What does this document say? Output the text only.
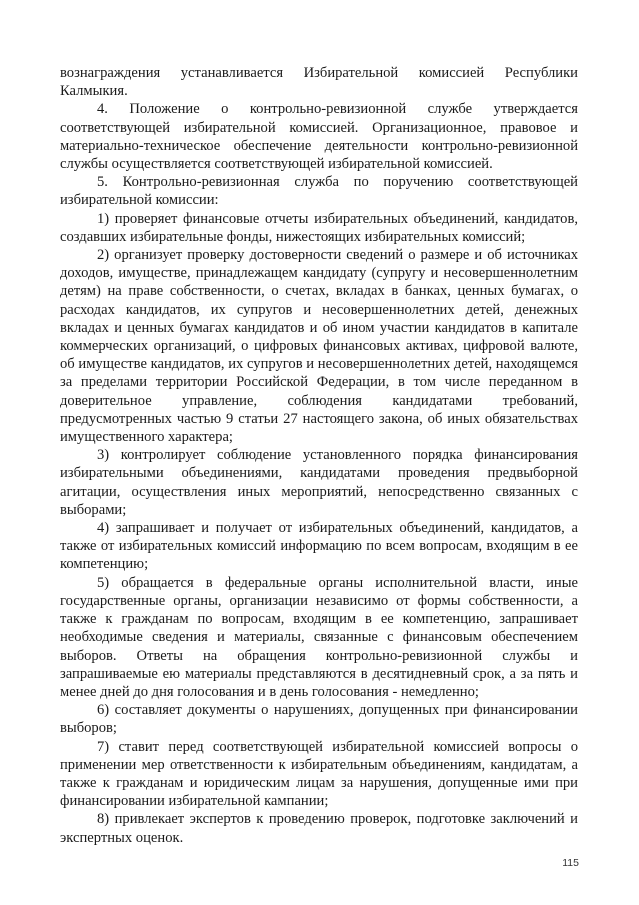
вознаграждения устанавливается Избирательной комиссией Республики Калмыкия.

4. Положение о контрольно-ревизионной службе утверждается соответствующей избирательной комиссией. Организационное, правовое и материально-техническое обеспечение деятельности контрольно-ревизионной службы осуществляется соответствующей избирательной комиссией.

5. Контрольно-ревизионная служба по поручению соответствующей избирательной комиссии:

1) проверяет финансовые отчеты избирательных объединений, кандидатов, создавших избирательные фонды, нижестоящих избирательных комиссий;

2) организует проверку достоверности сведений о размере и об источниках доходов, имуществе, принадлежащем кандидату (супругу и несовершеннолетним детям) на праве собственности, о счетах, вкладах в банках, ценных бумагах, о расходах кандидатов, их супругов и несовершеннолетних детей, денежных вкладах и ценных бумагах кандидатов и об ином участии кандидатов в капитале коммерческих организаций, о цифровых финансовых активах, цифровой валюте, об имуществе кандидатов, их супругов и несовершеннолетних детей, находящемся за пределами территории Российской Федерации, в том числе переданном в доверительное управление, соблюдения кандидатами требований, предусмотренных частью 9 статьи 27 настоящего закона, об иных обязательствах имущественного характера;

3) контролирует соблюдение установленного порядка финансирования избирательными объединениями, кандидатами проведения предвыборной агитации, осуществления иных мероприятий, непосредственно связанных с выборами;

4) запрашивает и получает от избирательных объединений, кандидатов, а также от избирательных комиссий информацию по всем вопросам, входящим в ее компетенцию;

5) обращается в федеральные органы исполнительной власти, иные государственные органы, организации независимо от формы собственности, а также к гражданам по вопросам, входящим в ее компетенцию, запрашивает необходимые сведения и материалы, связанные с финансовым обеспечением выборов. Ответы на обращения контрольно-ревизионной службы и запрашиваемые ею материалы представляются в десятидневный срок, а за пять и менее дней до дня голосования и в день голосования - немедленно;

6) составляет документы о нарушениях, допущенных при финансировании выборов;

7) ставит перед соответствующей избирательной комиссией вопросы о применении мер ответственности к избирательным объединениям, кандидатам, а также к гражданам и юридическим лицам за нарушения, допущенные ими при финансировании избирательной кампании;

8) привлекает экспертов к проведению проверок, подготовке заключений и экспертных оценок.

115
